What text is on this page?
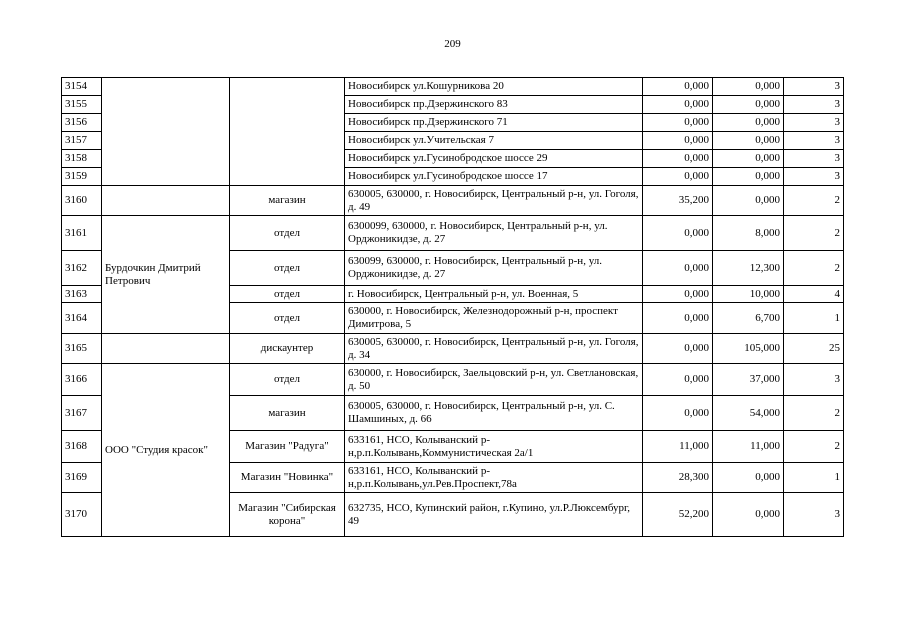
209
3154			Новосибирск ул.Кошурникова 20	0,000	0,000	3
3155			Новосибирск пр.Дзержинского 83	0,000	0,000	3
3156			Новосибирск пр.Дзержинского 71	0,000	0,000	3
3157			Новосибирск ул.Учительская 7	0,000	0,000	3
3158			Новосибирск ул.Гусинобродское шоссе 29	0,000	0,000	3
3159			Новосибирск ул.Гусинобродское шоссе 17	0,000	0,000	3
3160		магазин	630005, 630000, г. Новосибирск, Центральный р-н, ул. Гоголя, д. 49	35,200	0,000	2
3161	Бурдочкин Дмитрий Петрович	отдел	6300099, 630000, г. Новосибирск, Центральный р-н, ул. Орджоникидзе, д. 27	0,000	8,000	2
3162		отдел	630099, 630000, г. Новосибирск, Центральный р-н, ул. Орджоникидзе, д. 27	0,000	12,300	2
3163		отдел	г. Новосибирск, Центральный р-н, ул. Военная, 5	0,000	10,000	4
3164		отдел	630000, г. Новосибирск, Железнодорожный р-н, проспект Димитрова, 5	0,000	6,700	1
3165		дискаунтер	630005, 630000, г. Новосибирск, Центральный р-н, ул. Гоголя, д. 34	0,000	105,000	25
3166	ООО "Студия красок"	отдел	630000, г. Новосибирск, Заельцовский р-н, ул. Светлановская, д. 50	0,000	37,000	3
3167		магазин	630005, 630000, г. Новосибирск, Центральный р-н, ул. С. Шамшиных, д. 66	0,000	54,000	2
3168		Магазин "Радуга"	633161, НСО, Колыванский р-н,р.п.Колывань,Коммунистическая 2а/1	11,000	11,000	2
3169		Магазин "Новинка"	633161, НСО, Колыванский р-н,р.п.Колывань,ул.Рев.Проспект,78а	28,300	0,000	1
3170		Магазин "Сибирская корона"	632735, НСО, Купинский район, г.Купино, ул.Р.Люксембург, 49	52,200	0,000	3
